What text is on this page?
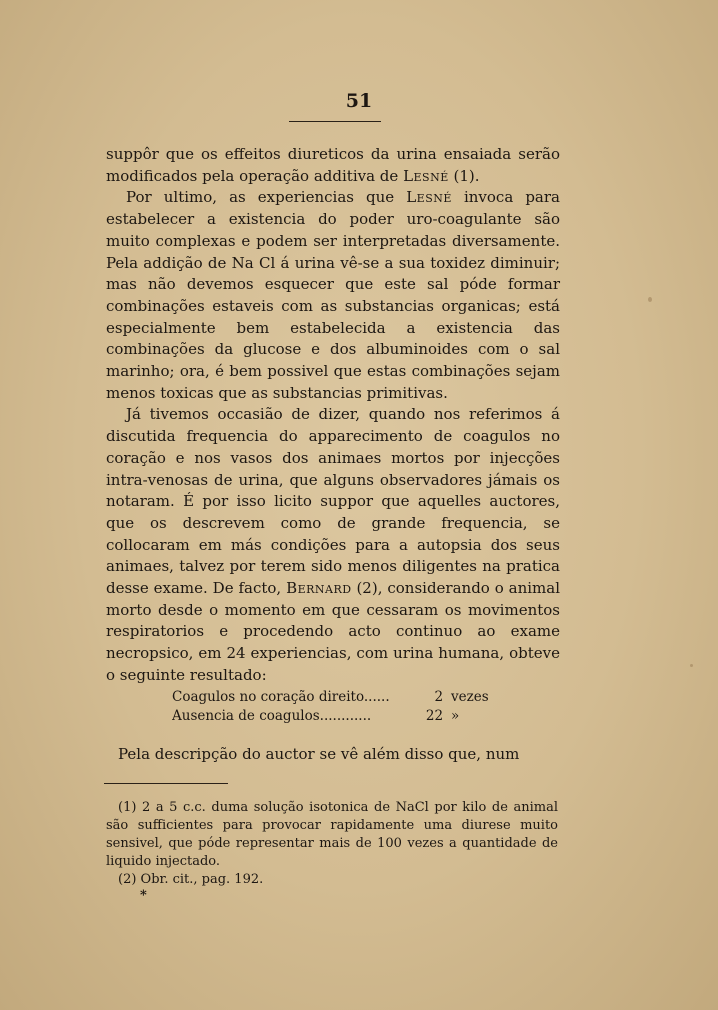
51

suppôr que os effeitos diureticos da urina ensaiada serão modificados pela operação additiva de Lesné (1).

Por ultimo, as experiencias que Lesné invoca para estabelecer a existencia do poder uro-coagulante são muito complexas e podem ser interpretadas diversamente. Pela addição de Na Cl á urina vê-se a sua toxidez diminuir; mas não devemos esquecer que este sal póde formar combinações estaveis com as substancias organicas; está especialmente bem estabelecida a existencia das combinações da glucose e dos albuminoides com o sal marinho; ora, é bem possivel que estas combinações sejam menos toxicas que as substancias primitivas.

Já tivemos occasião de dizer, quando nos referimos á discutida frequencia do apparecimento de coagulos no coração e nos vasos dos animaes mortos por injecções intra-venosas de urina, que alguns observadores jámais os notaram. É por isso licito suppor que aquelles auctores, que os descrevem como de grande frequencia, se collocaram em más condições para a autopsia dos seus animaes, talvez por terem sido menos diligentes na pratica desse exame. De facto, Bernard (2), considerando o animal morto desde o momento em que cessaram os movimentos respiratorios e procedendo acto continuo ao exame necropsico, em 24 experiencias, com urina humana, obteve o seguinte resultado:

Coagulos no coração direito......	2 vezes
Ausencia de coagulos............	22 »
Pela descripção do auctor se vê além disso que, num

(1) 2 a 5 c.c. duma solução isotonica de NaCl por kilo de animal são sufficientes para provocar rapidamente uma diurese muito sensivel, que póde representar mais de 100 vezes a quantidade de liquido injectado.

(2) Obr. cit., pag. 192.

*
